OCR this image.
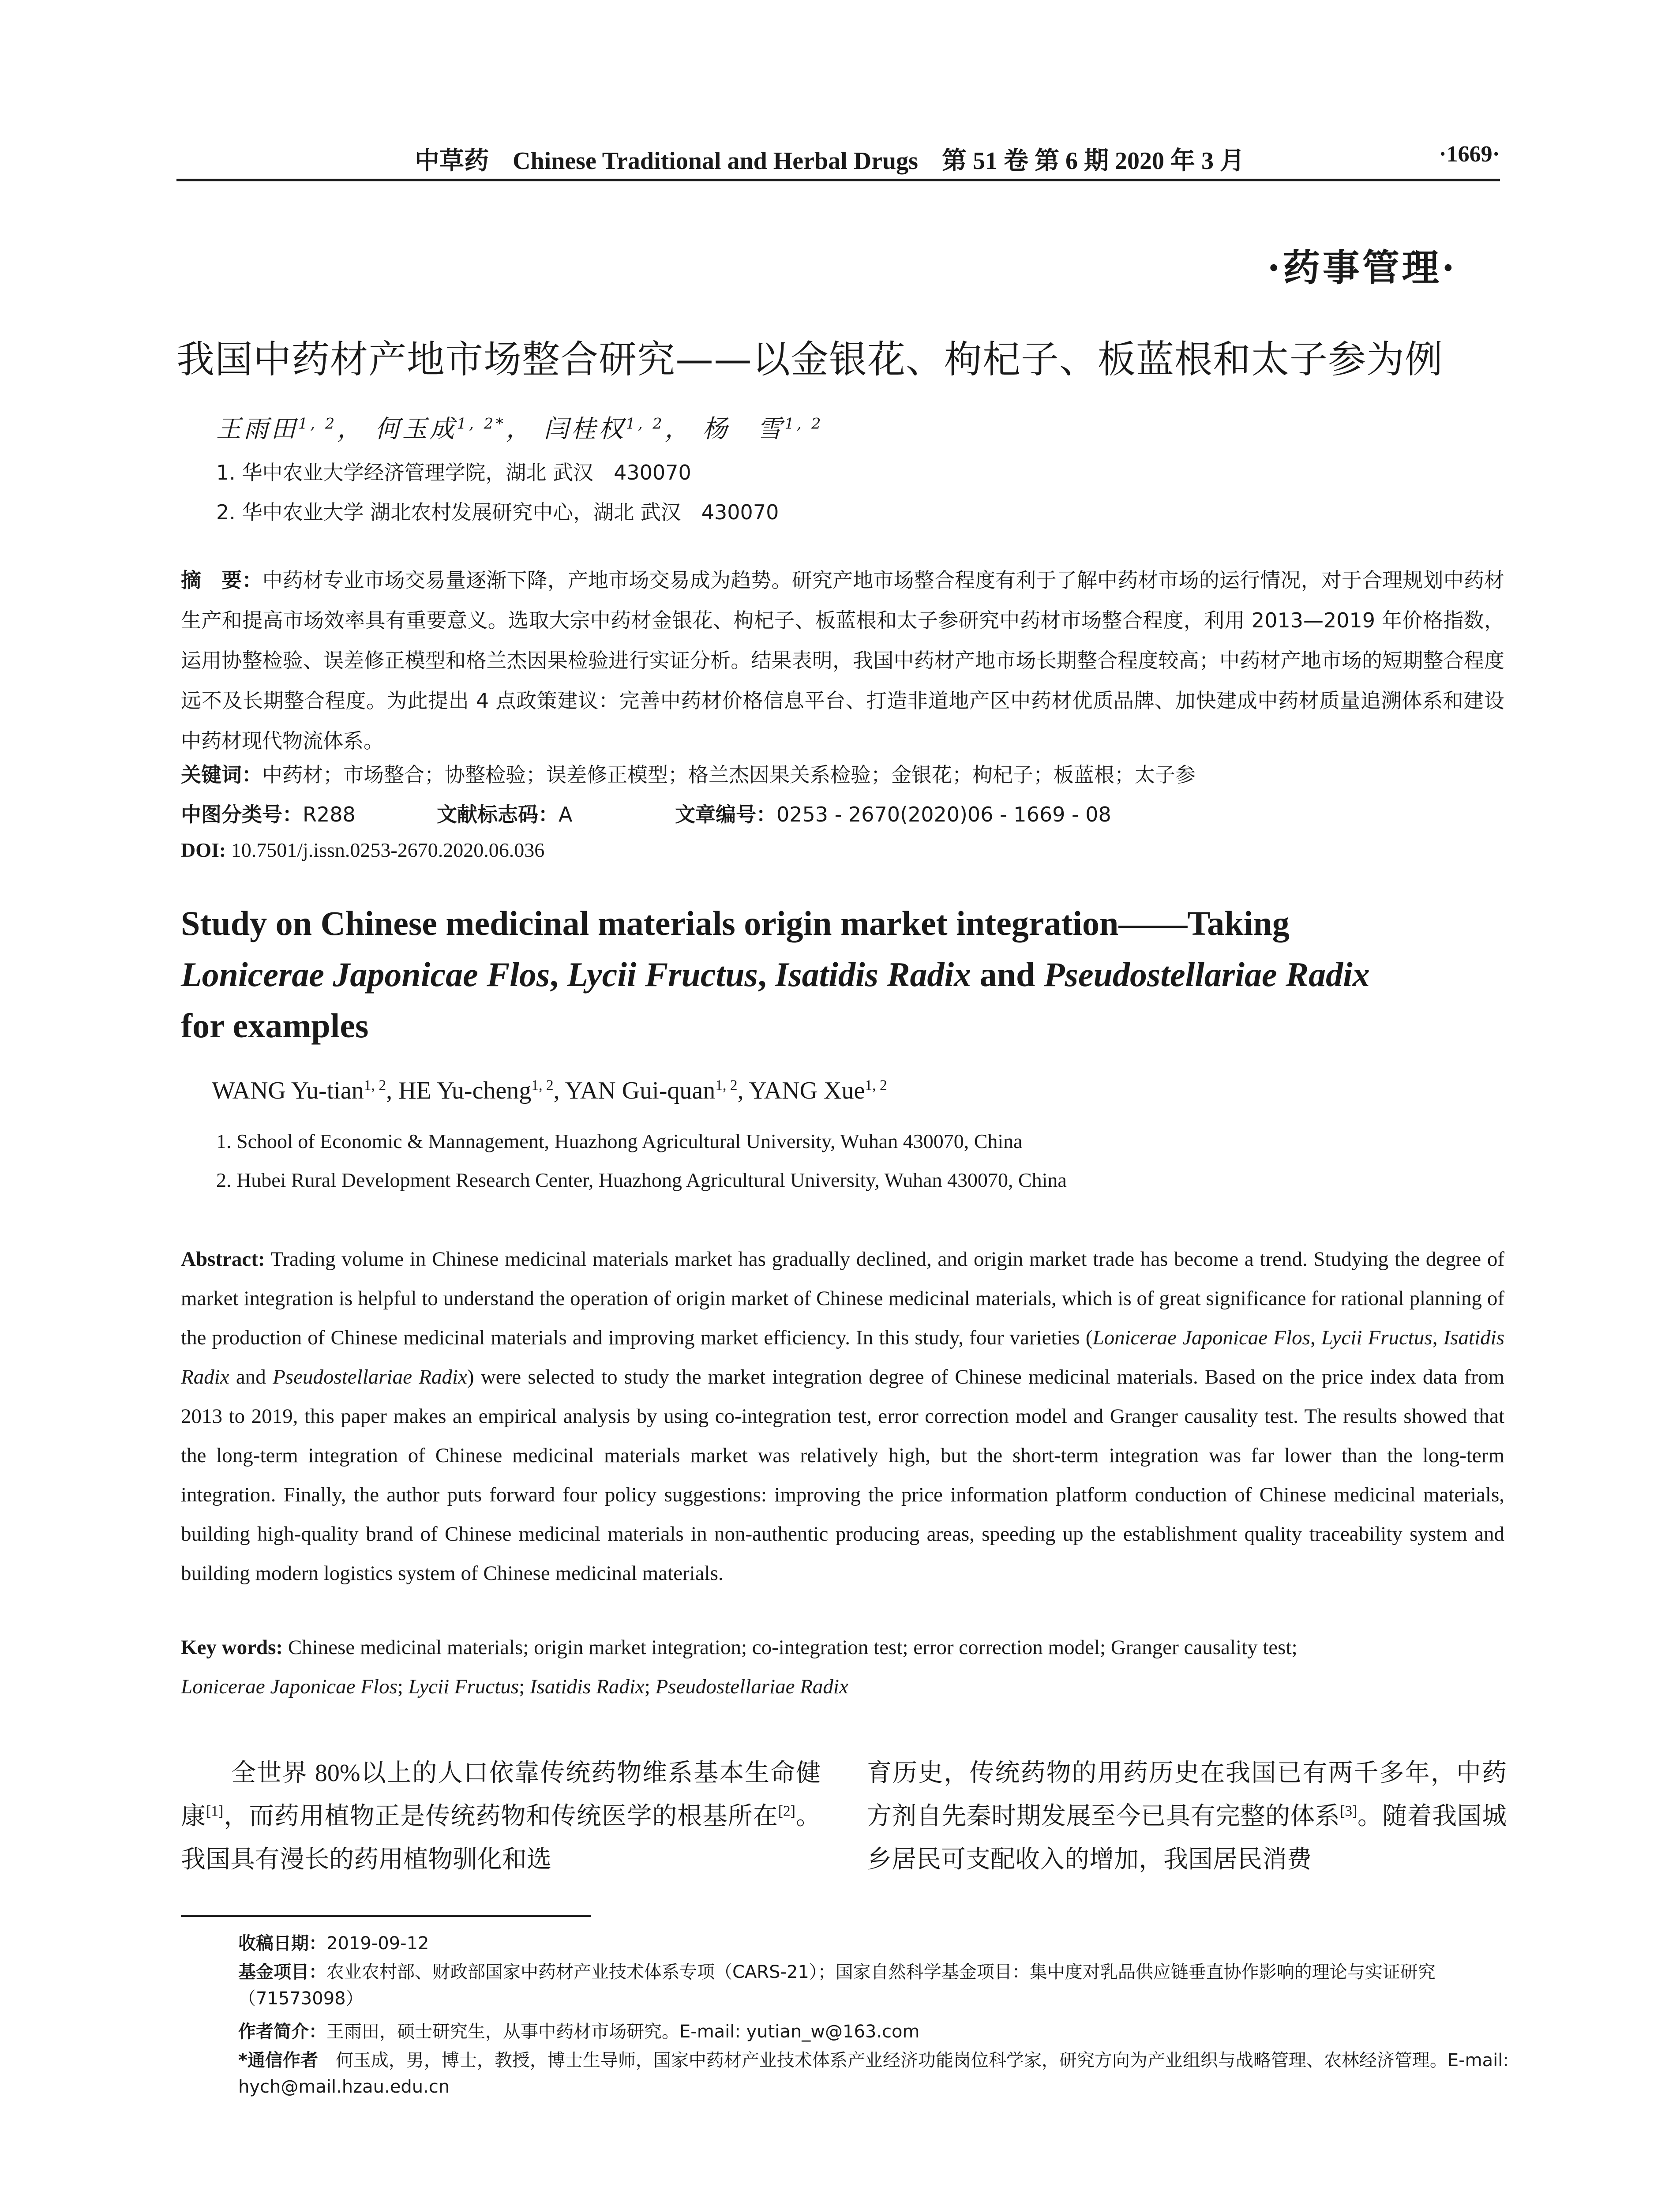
中草药 Chinese Traditional and Herbal Drugs 第 51 卷 第 6 期 2020 年 3 月	·1669·
·药事管理·
我国中药材产地市场整合研究——以金银花、枸杞子、板蓝根和太子参为例
王雨田$^{1, 2}$， 何玉成$^{1, 2*}$， 闫桂权$^{1, 2}$， 杨　雪$^{1, 2}$
1. 华中农业大学经济管理学院，湖北 武汉　430070
2. 华中农业大学 湖北农村发展研究中心，湖北 武汉　430070
摘　要：中药材专业市场交易量逐渐下降，产地市场交易成为趋势。研究产地市场整合程度有利于了解中药材市场的运行情况，对于合理规划中药材生产和提高市场效率具有重要意义。选取大宗中药材金银花、枸杞子、板蓝根和太子参研究中药材市场整合程度，利用 2013—2019 年价格指数，运用协整检验、误差修正模型和格兰杰因果检验进行实证分析。结果表明，我国中药材产地市场长期整合程度较高；中药材产地市场的短期整合程度远不及长期整合程度。为此提出 4 点政策建议：完善中药材价格信息平台、打造非道地产区中药材优质品牌、加快建成中药材质量追溯体系和建设中药材现代物流体系。
关键词：中药材；市场整合；协整检验；误差修正模型；格兰杰因果关系检验；金银花；枸杞子；板蓝根；太子参
中图分类号：R288	文献标志码：A	文章编号：0253 - 2670(2020)06 - 1669 - 08
DOI: 10.7501/j.issn.0253-2670.2020.06.036
Study on Chinese medicinal materials origin market integration——Taking
Lonicerae Japonicae Flos, Lycii Fructus, Isatidis Radix and Pseudostellariae Radix
for examples
WANG Yu-tian$^{1, 2}$, HE Yu-cheng$^{1, 2}$, YAN Gui-quan$^{1, 2}$, YANG Xue$^{1, 2}$
1. School of Economic & Mannagement, Huazhong Agricultural University, Wuhan 430070, China
2. Hubei Rural Development Research Center, Huazhong Agricultural University, Wuhan 430070, China
Abstract: Trading volume in Chinese medicinal materials market has gradually declined, and origin market trade has become a trend. Studying the degree of market integration is helpful to understand the operation of origin market of Chinese medicinal materials, which is of great significance for rational planning of the production of Chinese medicinal materials and improving market efficiency. In this study, four varieties (Lonicerae Japonicae Flos, Lycii Fructus, Isatidis Radix and Pseudostellariae Radix) were selected to study the market integration degree of Chinese medicinal materials. Based on the price index data from 2013 to 2019, this paper makes an empirical analysis by using co-integration test, error correction model and Granger causality test. The results showed that the long-term integration of Chinese medicinal materials market was relatively high, but the short-term integration was far lower than the long-term integration. Finally, the author puts forward four policy suggestions: improving the price information platform conduction of Chinese medicinal materials, building high-quality brand of Chinese medicinal materials in non-authentic producing areas, speeding up the establishment quality traceability system and building modern logistics system of Chinese medicinal materials.
Key words: Chinese medicinal materials; origin market integration; co-integration test; error correction model; Granger causality test;
Lonicerae Japonicae Flos; Lycii Fructus; Isatidis Radix; Pseudostellariae Radix
全世界 80%以上的人口依靠传统药物维系基本生命健康[1]，而药用植物正是传统药物和传统医学的根基所在[2]。我国具有漫长的药用植物驯化和选
育历史，传统药物的用药历史在我国已有两千多年，中药方剂自先秦时期发展至今已具有完整的体系[3]。随着我国城乡居民可支配收入的增加，我国居民消费
收稿日期：2019-09-12
基金项目：农业农村部、财政部国家中药材产业技术体系专项（CARS-21）；国家自然科学基金项目：集中度对乳品供应链垂直协作影响的理论与实证研究（71573098）
作者简介：王雨田，硕士研究生，从事中药材市场研究。E-mail: yutian_w@163.com
*通信作者　 何玉成，男，博士，教授，博士生导师，国家中药材产业技术体系产业经济功能岗位科学家，研究方向为产业组织与战略管理、农林经济管理。E-mail: hych@mail.hzau.edu.cn
